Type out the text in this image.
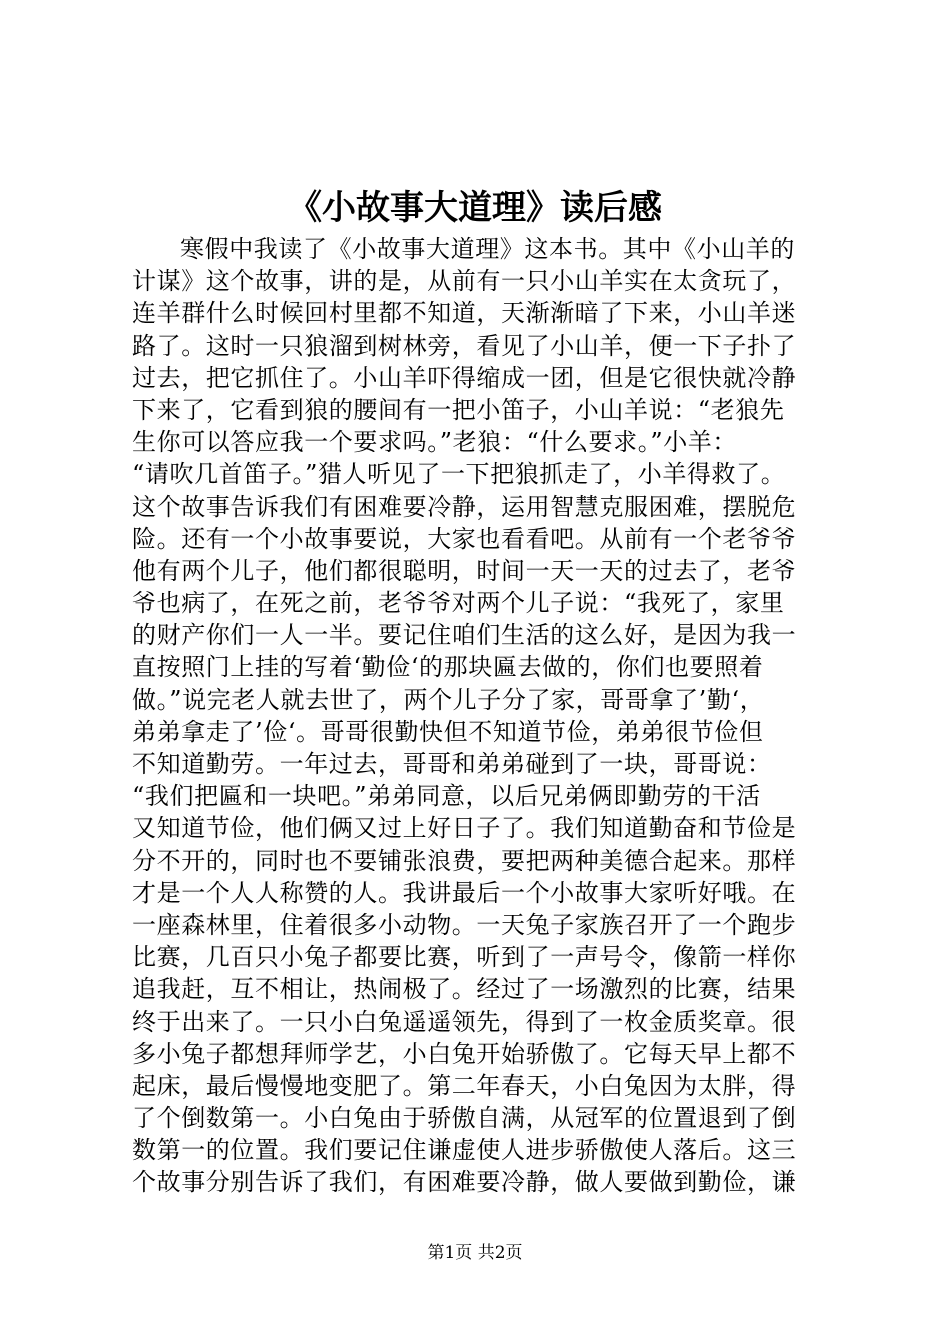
《小故事大道理》读后感
寒假中我读了《小故事大道理》这本书。其中《小山羊的
计谋》这个故事，讲的是，从前有一只小山羊实在太贪玩了，
连羊群什么时候回村里都不知道，天渐渐暗了下来，小山羊迷
路了。这时一只狼溜到树林旁，看见了小山羊，便一下子扑了
过去，把它抓住了。小山羊吓得缩成一团，但是它很快就冷静
下来了，它看到狼的腰间有一把小笛子，小山羊说：“老狼先
生你可以答应我一个要求吗。”老狼：“什么要求。”小羊：
“请吹几首笛子。”猎人听见了一下把狼抓走了，小羊得救了。
这个故事告诉我们有困难要冷静，运用智慧克服困难，摆脱危
险。还有一个小故事要说，大家也看看吧。从前有一个老爷爷
他有两个儿子，他们都很聪明，时间一天一天的过去了，老爷
爷也病了，在死之前，老爷爷对两个儿子说：“我死了，家里
的财产你们一人一半。要记住咱们生活的这么好，是因为我一
直按照门上挂的写着‘勤俭‘的那块匾去做的，你们也要照着
做。”说完老人就去世了，两个儿子分了家，哥哥拿了’勤‘，
弟弟拿走了’俭‘。哥哥很勤快但不知道节俭，弟弟很节俭但
不知道勤劳。一年过去，哥哥和弟弟碰到了一块，哥哥说：
“我们把匾和一块吧。”弟弟同意，以后兄弟俩即勤劳的干活
又知道节俭，他们俩又过上好日子了。我们知道勤奋和节俭是
分不开的，同时也不要铺张浪费，要把两种美德合起来。那样
才是一个人人称赞的人。我讲最后一个小故事大家听好哦。在
一座森林里，住着很多小动物。一天兔子家族召开了一个跑步
比赛，几百只小兔子都要比赛，听到了一声号令，像箭一样你
追我赶，互不相让，热闹极了。经过了一场激烈的比赛，结果
终于出来了。一只小白兔遥遥领先，得到了一枚金质奖章。很
多小兔子都想拜师学艺，小白兔开始骄傲了。它每天早上都不
起床，最后慢慢地变肥了。第二年春天，小白兔因为太胖，得
了个倒数第一。小白兔由于骄傲自满，从冠军的位置退到了倒
数第一的位置。我们要记住谦虚使人进步骄傲使人落后。这三
个故事分别告诉了我们，有困难要冷静，做人要做到勤俭，谦
第1页 共2页
